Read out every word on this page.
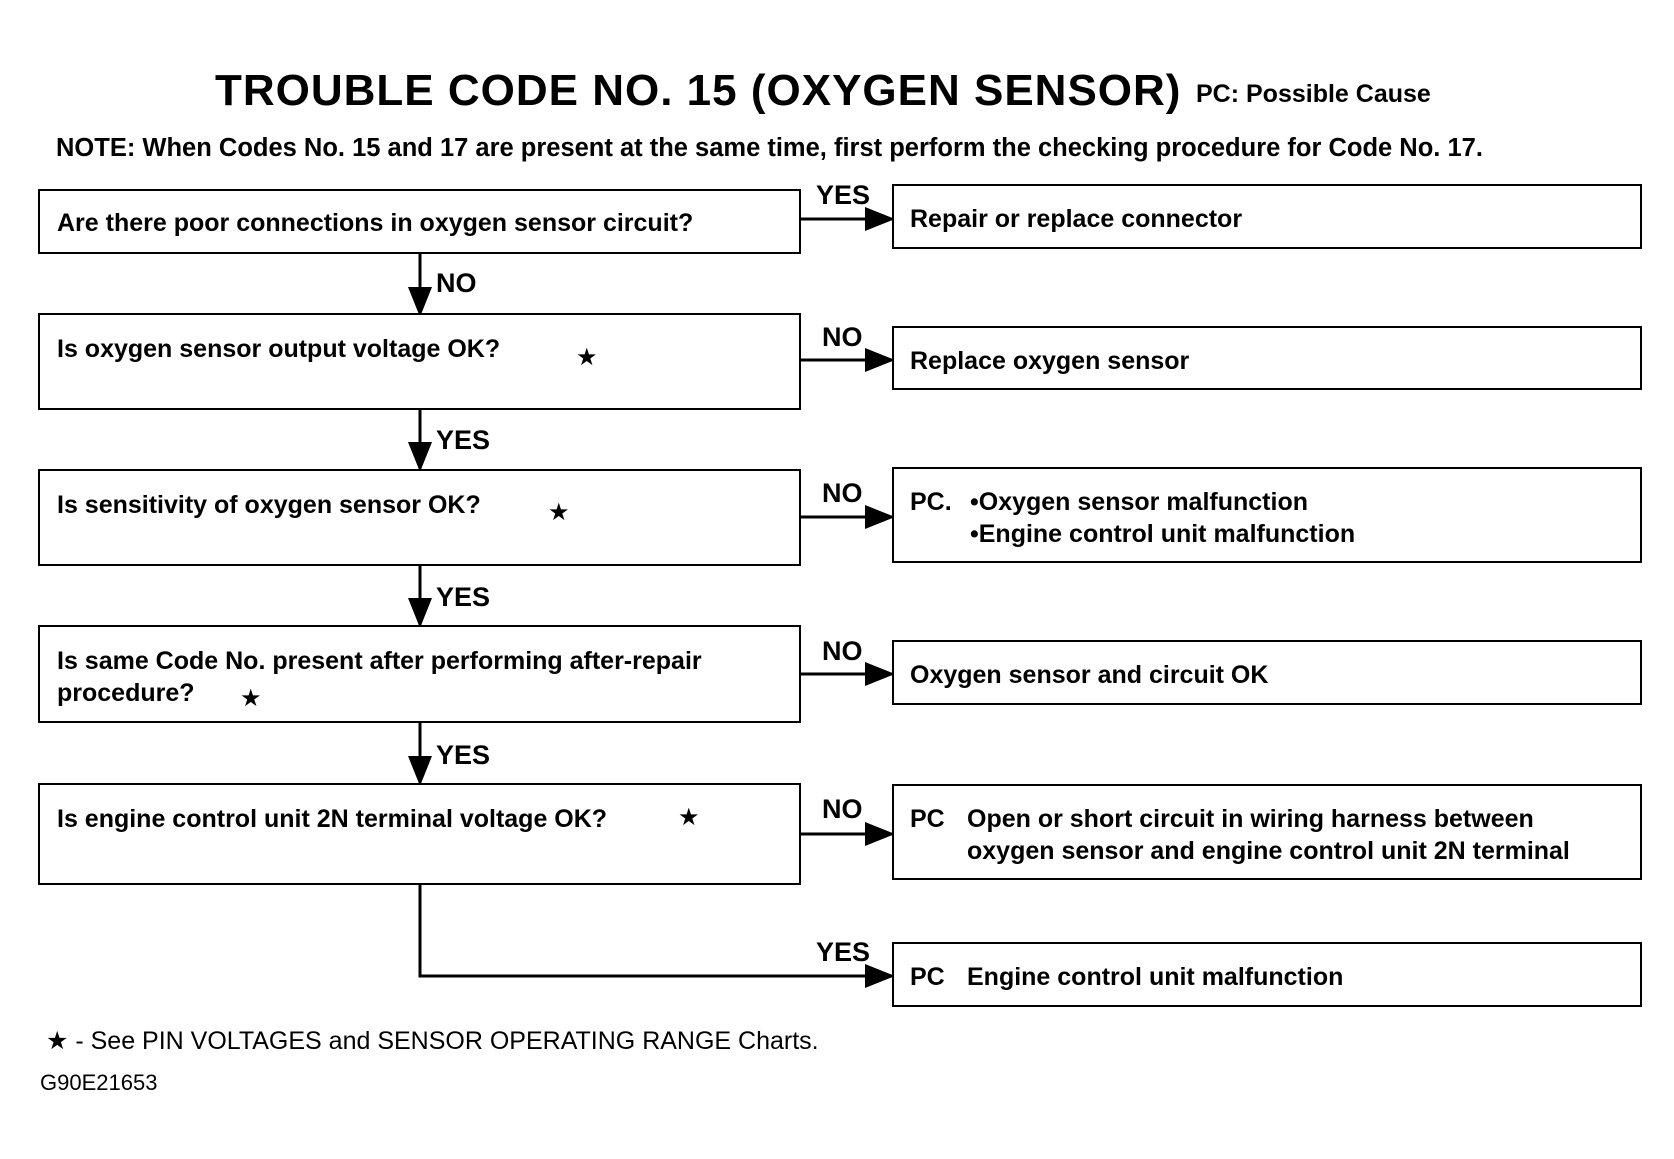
TROUBLE CODE NO. 15 (OXYGEN SENSOR) PC: Possible Cause
NOTE: When Codes No. 15 and 17 are present at the same time, first perform the checking procedure for Code No. 17.
Are there poor connections in oxygen sensor circuit?
Is oxygen sensor output voltage OK?	★
Is sensitivity of oxygen sensor OK?	★
Is same Code No. present after performing after-repair
procedure? ★
Is engine control unit 2N terminal voltage OK?	★
Repair or replace connector
Replace oxygen sensor
PC. •Oxygen sensor malfunction
•Engine control unit malfunction
Oxygen sensor and circuit OK
PC Open or short circuit in wiring harness between
oxygen sensor and engine control unit 2N terminal
PC Engine control unit malfunction
YES
NO
NO
YES
NO
YES
NO
YES
NO
YES
★ - See PIN VOLTAGES and SENSOR OPERATING RANGE Charts.
G90E21653
